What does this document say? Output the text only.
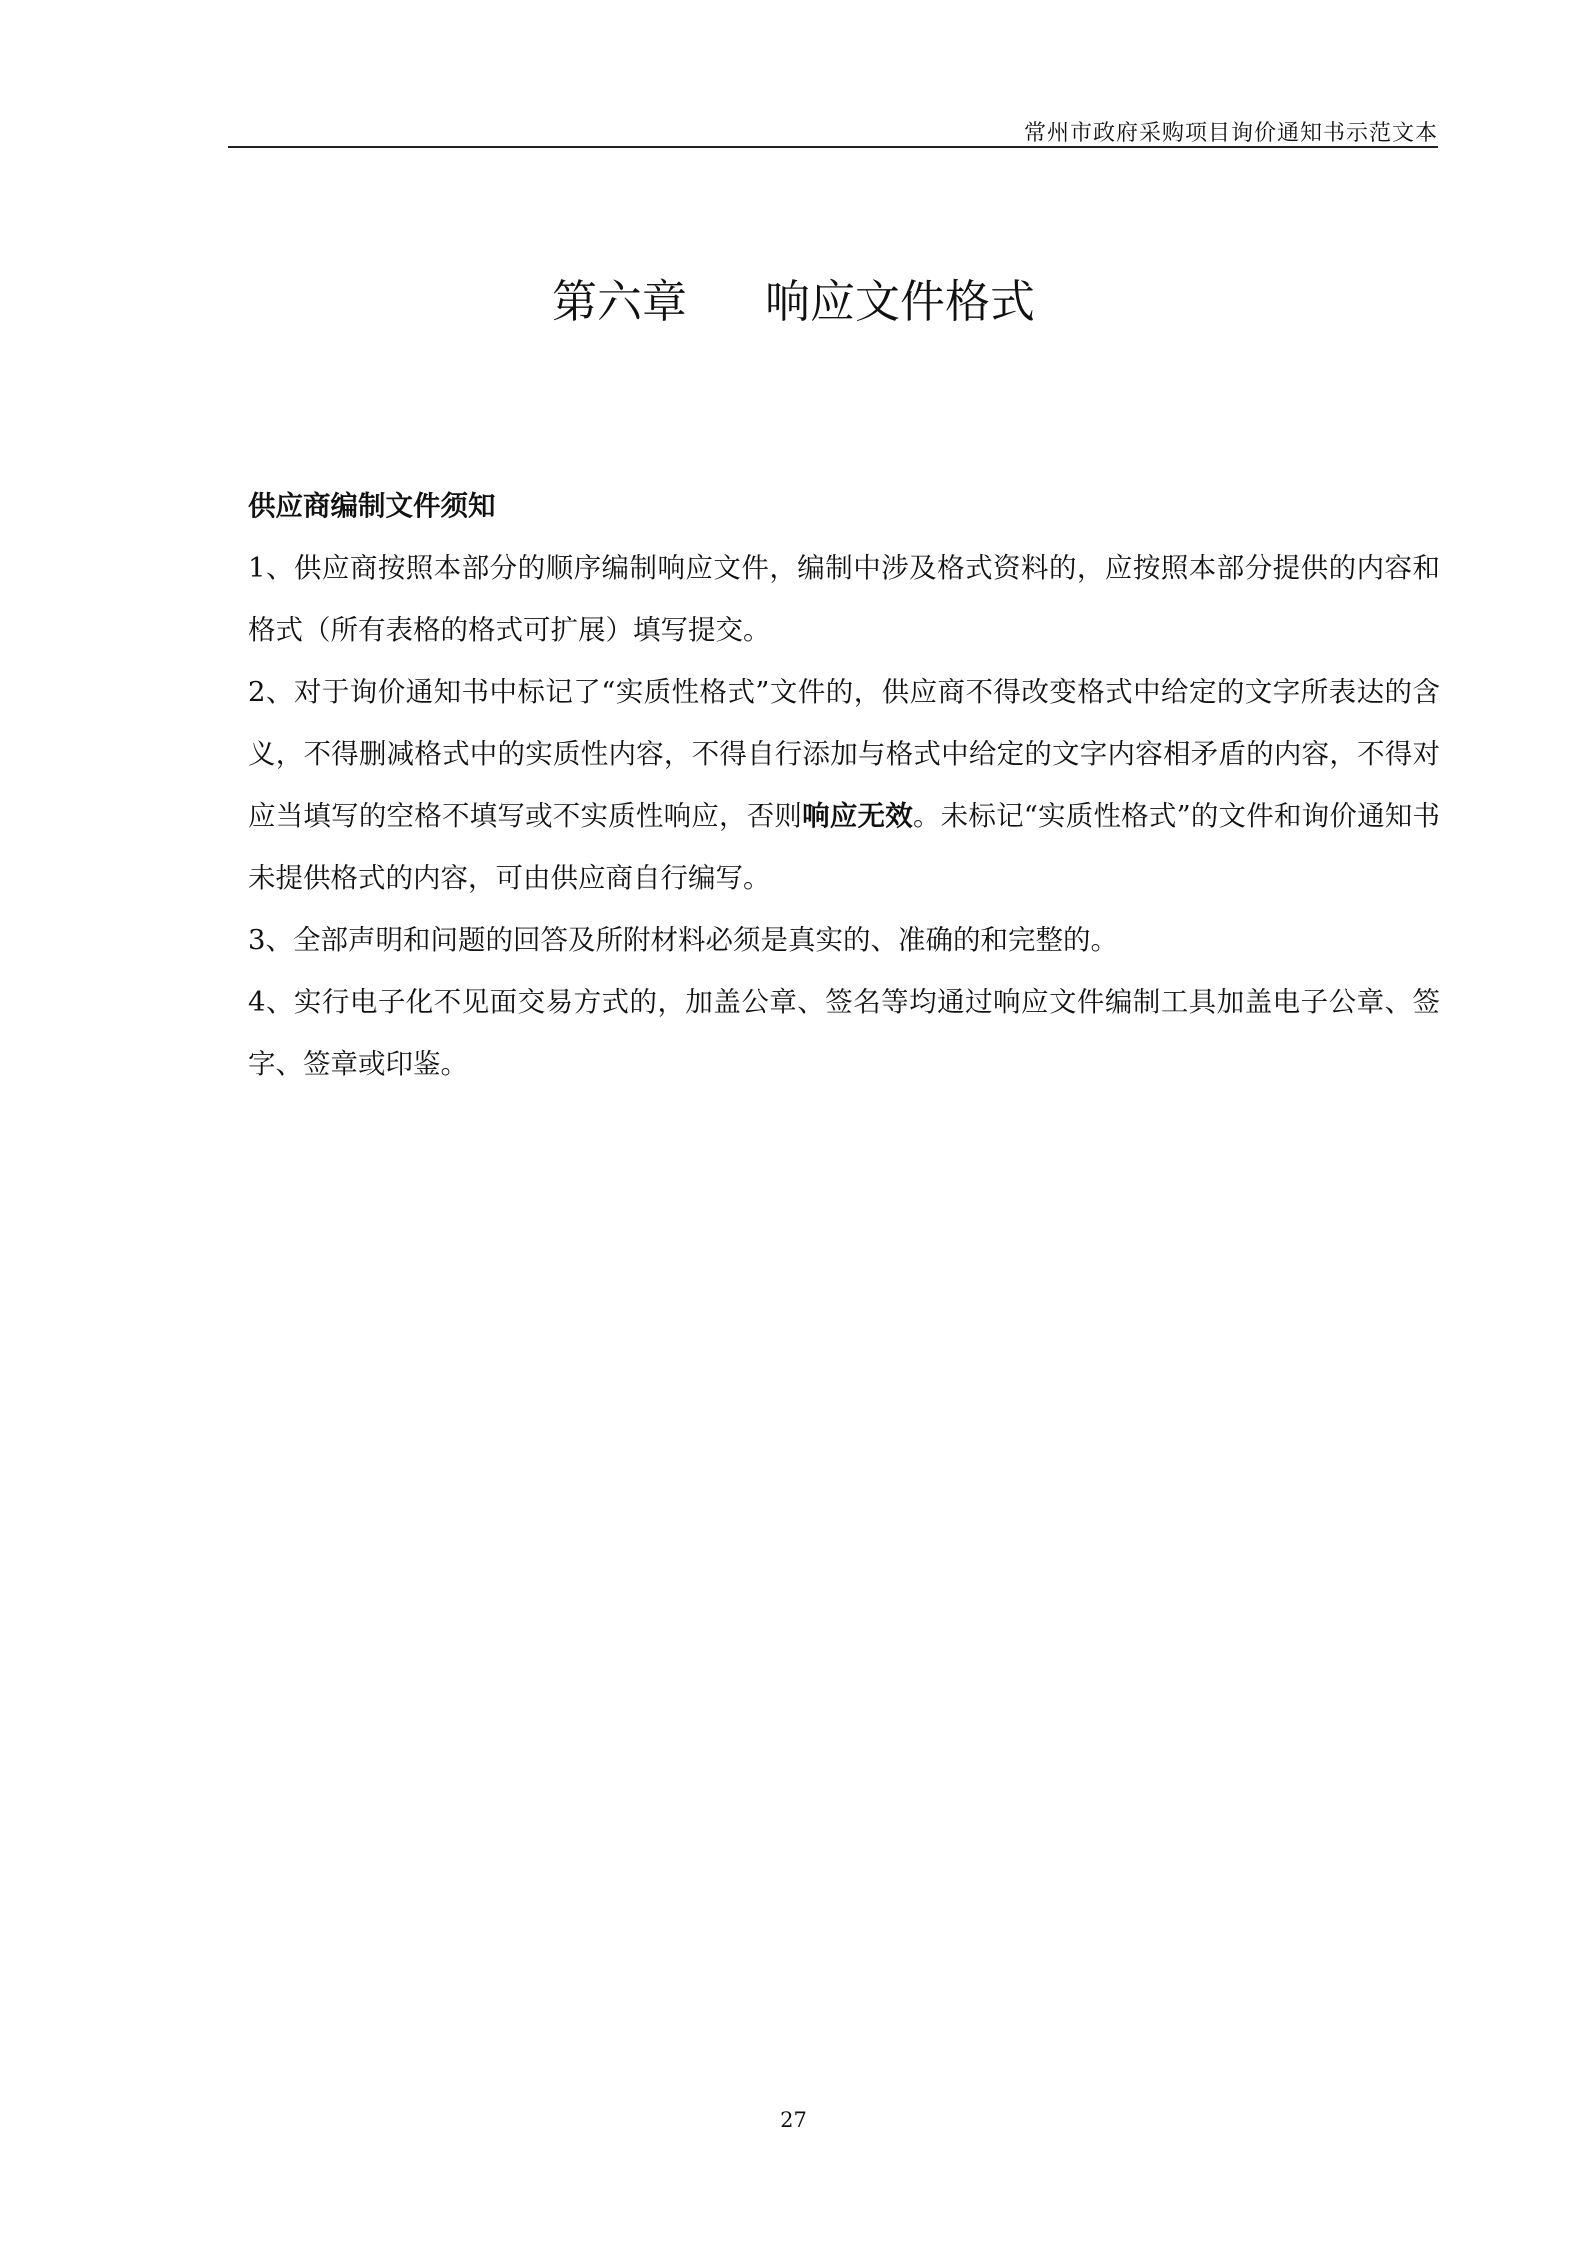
常州市政府采购项目询价通知书示范文本
第六章 响应文件格式

供应商编制文件须知

1、供应商按照本部分的顺序编制响应文件，编制中涉及格式资料的，应按照本部分提供的内容和格式（所有表格的格式可扩展）填写提交。

2、对于询价通知书中标记了“实质性格式”文件的，供应商不得改变格式中给定的文字所表达的含义，不得删减格式中的实质性内容，不得自行添加与格式中给定的文字内容相矛盾的内容，不得对应当填写的空格不填写或不实质性响应，否则响应无效。未标记“实质性格式”的文件和询价通知书未提供格式的内容，可由供应商自行编写。

3、全部声明和问题的回答及所附材料必须是真实的、准确的和完整的。

4、实行电子化不见面交易方式的，加盖公章、签名等均通过响应文件编制工具加盖电子公章、签字、签章或印鉴。

27
